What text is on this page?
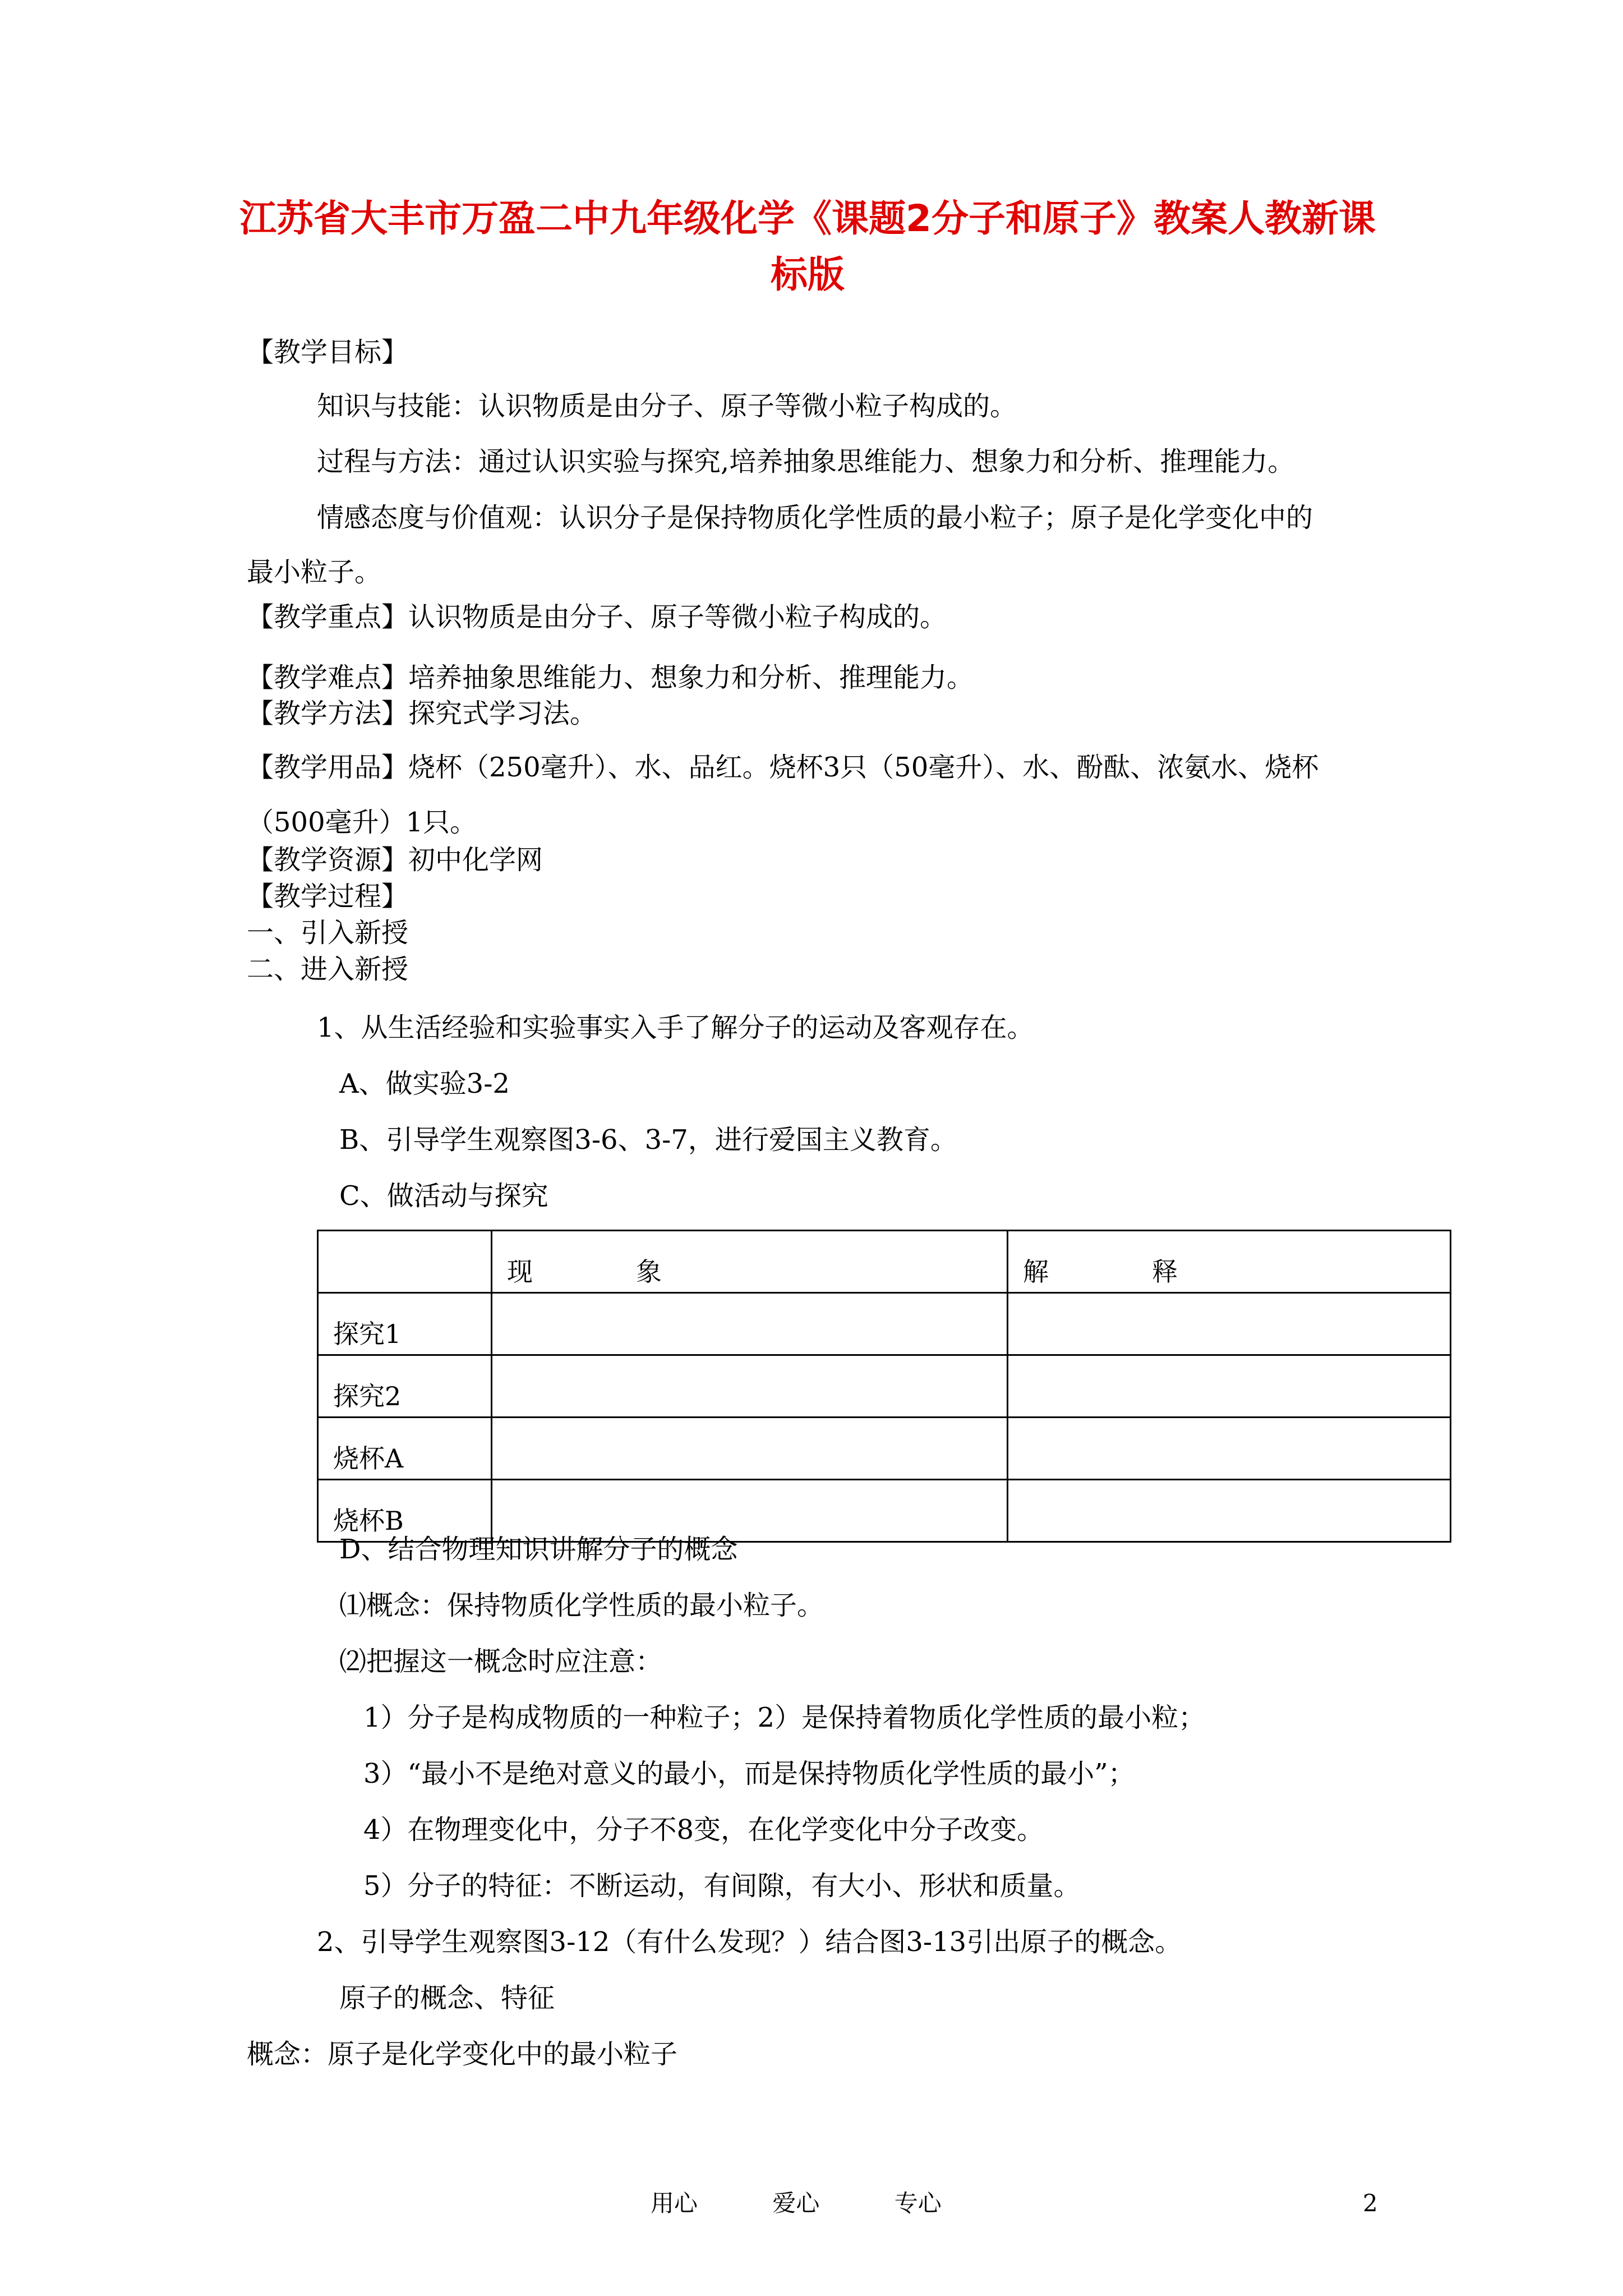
江苏省大丰市万盈二中九年级化学《课题2分子和原子》教案人教新课标版
【教学目标】
知识与技能：认识物质是由分子、原子等微小粒子构成的。
过程与方法：通过认识实验与探究,培养抽象思维能力、想象力和分析、推理能力。
情感态度与价值观：认识分子是保持物质化学性质的最小粒子；原子是化学变化中的
最小粒子。
【教学重点】认识物质是由分子、原子等微小粒子构成的。
【教学难点】培养抽象思维能力、想象力和分析、推理能力。
【教学方法】探究式学习法。
【教学用品】烧杯（250毫升）、水、品红。烧杯3只（50毫升）、水、酚酞、浓氨水、烧杯
（500毫升）1只。
【教学资源】初中化学网
【教学过程】
一、引入新授
二、进入新授
1、从生活经验和实验事实入手了解分子的运动及客观存在。
A、做实验3-2
B、引导学生观察图3-6、3-7，进行爱国主义教育。
C、做活动与探究
	现　　　　象	解　　　　释
探究1		
探究2		
烧杯A		
烧杯B		
D、结合物理知识讲解分子的概念
⑴概念：保持物质化学性质的最小粒子。
⑵把握这一概念时应注意：
1）分子是构成物质的一种粒子；2）是保持着物质化学性质的最小粒；
3）“最小不是绝对意义的最小，而是保持物质化学性质的最小”；
4）在物理变化中，分子不8变，在化学变化中分子改变。
5）分子的特征：不断运动，有间隙，有大小、形状和质量。
2、引导学生观察图3-12（有什么发现？）结合图3-13引出原子的概念。
原子的概念、特征
概念：原子是化学变化中的最小粒子
用心	爱心	专心	2
